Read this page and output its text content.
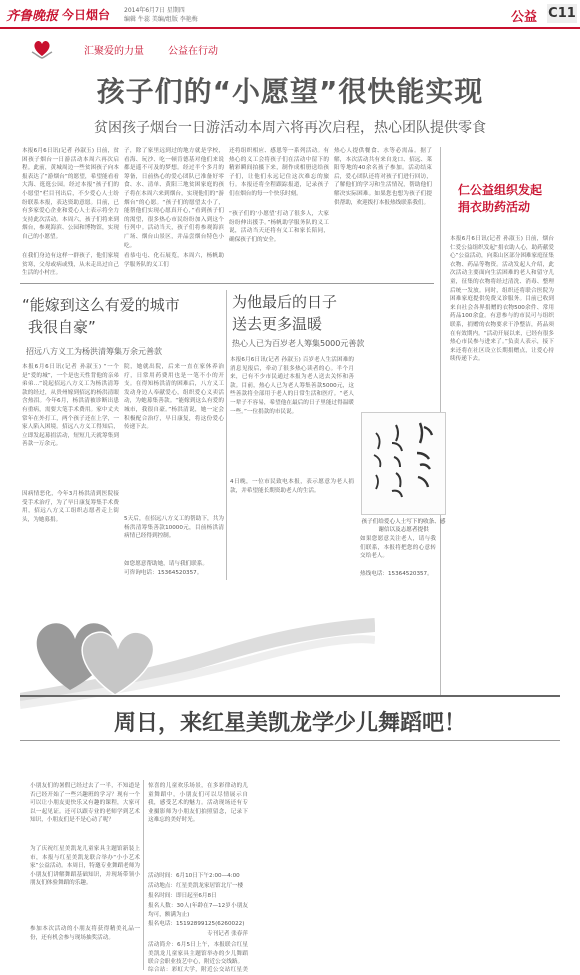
齐鲁晚报 今日烟台 2014年6月7日 星期四
编辑 牛蕊 美编/组版 李艳梅	公益 C11
汇聚爱的力量 公益在行动
孩子们的“小愿望”很快能实现
贫困孩子烟台一日游活动本周六将再次启程，热心团队提供零食
本报6月6日讯(记者 孙淑玉) 日前，贫困孩子烟台一日游活动本周六再次启程。此前，黄城周边一些贫困孩子向本报表达了“游烟台”的愿望，希望能看看大海、逛逛公园。经过本报“孩子们的小愿望”栏目刊出后，不少爱心人士纷纷联系本报，表达资助意愿。目前，已有多家爱心企业和爱心人士表示将全力支持此次活动。本周六，孩子们将来到烟台，参观海滨、公园和博物馆，实现自己的小愿望。
在我们身边有这样一群孩子，他们家境贫寒，父母或病或残，从未走出过自己生活的小村庄。
子，除了家里远到过的地方就是学校，看海、玩沙、吃一顿肯德基对他们来说都是遥不可及的梦想。经过半个多月的筹备，日前热心的爱心团队已准备好零食、水、清单、黄阳三地贫困家庭的孩子将在本周六来到烟台，实现他们的“游烟台”的心愿。“孩子们的愿望太小了，能帮他们实现心愿真开心，”看到孩子们的渴望，很多热心市民纷纷加入到这个行列中。活动当天，孩子们将参观海滨广场、烟台山景区，并品尝烟台特色小吃。
看恭屯屯、化石展览，本周六，杨帆助学服务队的义工们
还将组织相应、感恩等一系列活动。有热心的义工会将孩子们在活动中留下的精彩瞬间拍摄下来，制作成相册送给孩子们，让他们永远记住这次难忘的旅行。本报还将全程跟踪报道，记录孩子们在烟台的每一个快乐时刻。
“孩子们的‘小愿望’打动了很多人，大家纷纷伸出援手。”杨帆助学服务队的义工说，活动当天还将有义工和家长陪同，确保孩子们的安全。
热心人提供餐食、水等必需品。据了解，本次活动共有来自龙口、招远、莱阳等地的40余名孩子参加。活动结束后，爱心团队还将对孩子们进行回访，了解他们的学习和生活情况，帮助他们解决实际困难。如果您也想为孩子们提供帮助，欢迎拨打本报热线联系我们。
仁公益组织发起
捐衣助药活动
本报6月6日讯(记者 孙淑玉) 日前，烟台仁爱公益组织发起“捐衣助人心，助药献爱心”公益活动，向莱山区部分困难家庭征集衣物、药品等物资。活动发起人介绍，此次活动主要面向生活困难的老人和留守儿童，征集的衣物将经过清洗、消毒、整理后统一发放。同时，组织还将联合医院为困难家庭提供免费义诊服务。目前已收到来自社会各界捐赠的衣物500余件、常用药品100余盒。有意参与的市民可与组织联系，捐赠的衣物要求干净整洁，药品须在有效期内。“活动开展以来，已经有很多热心市民参与进来了。”负责人表示，接下来还将在社区设立长期捐赠点，让爱心持续传递下去。
“能嫁到这么有爱的城市
我很自豪”
招远八方义工为杨洪清筹集万余元善款
本报6月6日讯(记者 孙淑玉) “一个是“爱的城”，一个是也天性背他的亲弟弟弟...”说起招远八方义工为杨洪清筹款的经过，从贵州嫁到招远的杨洪清眼含热泪。今年6月，杨洪清被诊断出患有重病，需要大笔手术费用。家中丈夫常年在外打工，两个孩子还在上学，一家人陷入困境。招远八方义工得知后，立即发起募捐活动，短短几天就筹集到善款一万余元。
因病情恶化，今年3月杨洪清到医院接受手术治疗，为了早日康复筹集手术费用，招远八方义工组织志愿者走上街头，为她募捐。
院，她就出院，后来一直在家休养治疗，日常用药费用也是一笔不小的开支。在得知杨洪清的困难后，八方义工发动身边人奉献爱心，组织爱心义卖活动，为她募集善款。“能嫁到这么有爱的城市，我很自豪。”杨洪清说，她一定会积极配合治疗，早日康复，将这份爱心传递下去。
5天后，在招远八方义工的帮助下，共为杨洪清筹集善款10000元，目前杨洪清病情已经得到控制。
如您愿意帮助她，请与我们联系。
可咨询电话：15364520357。
为他最后的日子
送去更多温暖
热心人已为百岁老人筹集5000元善款
本报6月6日讯(记者 孙淑玉) 百岁老人生活困难的消息见报后，牵动了很多热心读者的心。半个月来，已有不少市民通过本报为老人送去关怀和善款。目前，热心人已为老人筹集善款5000元，这些善款将全部用于老人的日常生活和医疗。“老人一辈子不容易，希望他在最后的日子里能过得温暖一些。”一位捐款的市民说。
4日晚，一位市民致电本报，表示愿意为老人捐款，并希望能长期资助老人的生活。
如果您愿意关注老人，请与我们联系，本报将把您的心意转交给老人。
热线电话：15364520357。
孩子们给爱心人士写下的收条、感谢信以及志愿者提供
周日，来红星美凯龙学少儿舞蹈吧！
小朋友们的暑假已经过去了一半，不知道是否已经开始了一些兴趣班的学习？现有一个可以让小朋友更快乐又有趣的课程，大家可以一起见证。还可以跟专业的老师学到艺术知识，小朋友们是不是心动了呢？
为了庆祝红星美凯龙儿童家具主题馆新装上市，本报与红星美凯龙联合举办“小小艺术家”公益活动。本周日，特邀专业舞蹈老师为小朋友们讲解舞蹈基础知识，并现场带领小朋友们体验舞蹈的乐趣。
参加本次活动的小朋友将获得精美礼品一份，还有机会参与现场抽奖活动。
惊喜的儿童欢乐场景，在多彩律动的儿童舞蹈中，小朋友们可以尽情展示自我，感受艺术的魅力。活动现场还有专业摄影师为小朋友们拍照留念，记录下这难忘的美好时光。
活动时间：6月10日下午2:00—4:00
活动地点：红星美凯龙家居馆北厅一楼
报名时间：即日起至6月8日
报名人数：30人(年龄在7—12岁小朋友均可，额满为止)
报名电话：15192899125(6260022)
专刊记者 张春萍
活动简介：6月5日上午，本报联合红星美凯龙儿童家具主题馆举办的少儿舞蹈
联合会职业技艺中心，附近公交线路。
综合站：彩虹大学，附近公交站红星美
